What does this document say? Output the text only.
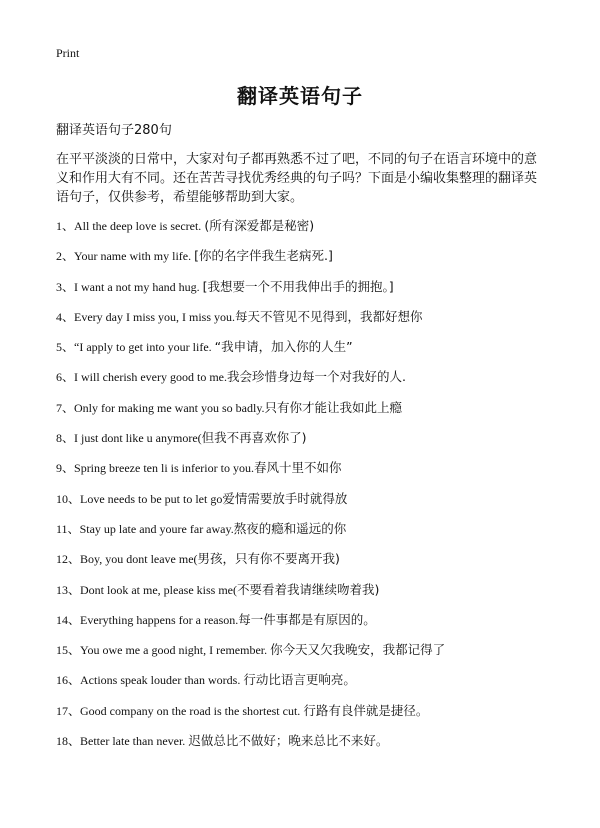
Print
翻译英语句子
翻译英语句子280句
在平平淡淡的日常中，大家对句子都再熟悉不过了吧，不同的句子在语言环境中的意义和作用大有不同。还在苦苦寻找优秀经典的句子吗？下面是小编收集整理的翻译英语句子，仅供参考，希望能够帮助到大家。
1、All the deep love is secret. (所有深爱都是秘密)
2、Your name with my life. [你的名字伴我生老病死.]
3、I want a not my hand hug. [我想要一个不用我伸出手的拥抱。]
4、Every day I miss you, I miss you.每天不管见不见得到，我都好想你
5、“I apply to get into your life. “我申请，加入你的人生”
6、I will cherish every good to me.我会珍惜身边每一个对我好的人.
7、Only for making me want you so badly.只有你才能让我如此上瘾
8、I just dont like u anymore(但我不再喜欢你了)
9、Spring breeze ten li is inferior to you.春风十里不如你
10、Love needs to be put to let go爱情需要放手时就得放
11、Stay up late and youre far away.熬夜的瘾和遥远的你
12、Boy, you dont leave me(男孩，只有你不要离开我)
13、Dont look at me, please kiss me(不要看着我请继续吻着我)
14、Everything happens for a reason.每一件事都是有原因的。
15、You owe me a good night, I remember. 你今天又欠我晚安，我都记得了
16、Actions speak louder than words. 行动比语言更响亮。
17、Good company on the road is the shortest cut. 行路有良伴就是捷径。
18、Better late than never. 迟做总比不做好；晚来总比不来好。
